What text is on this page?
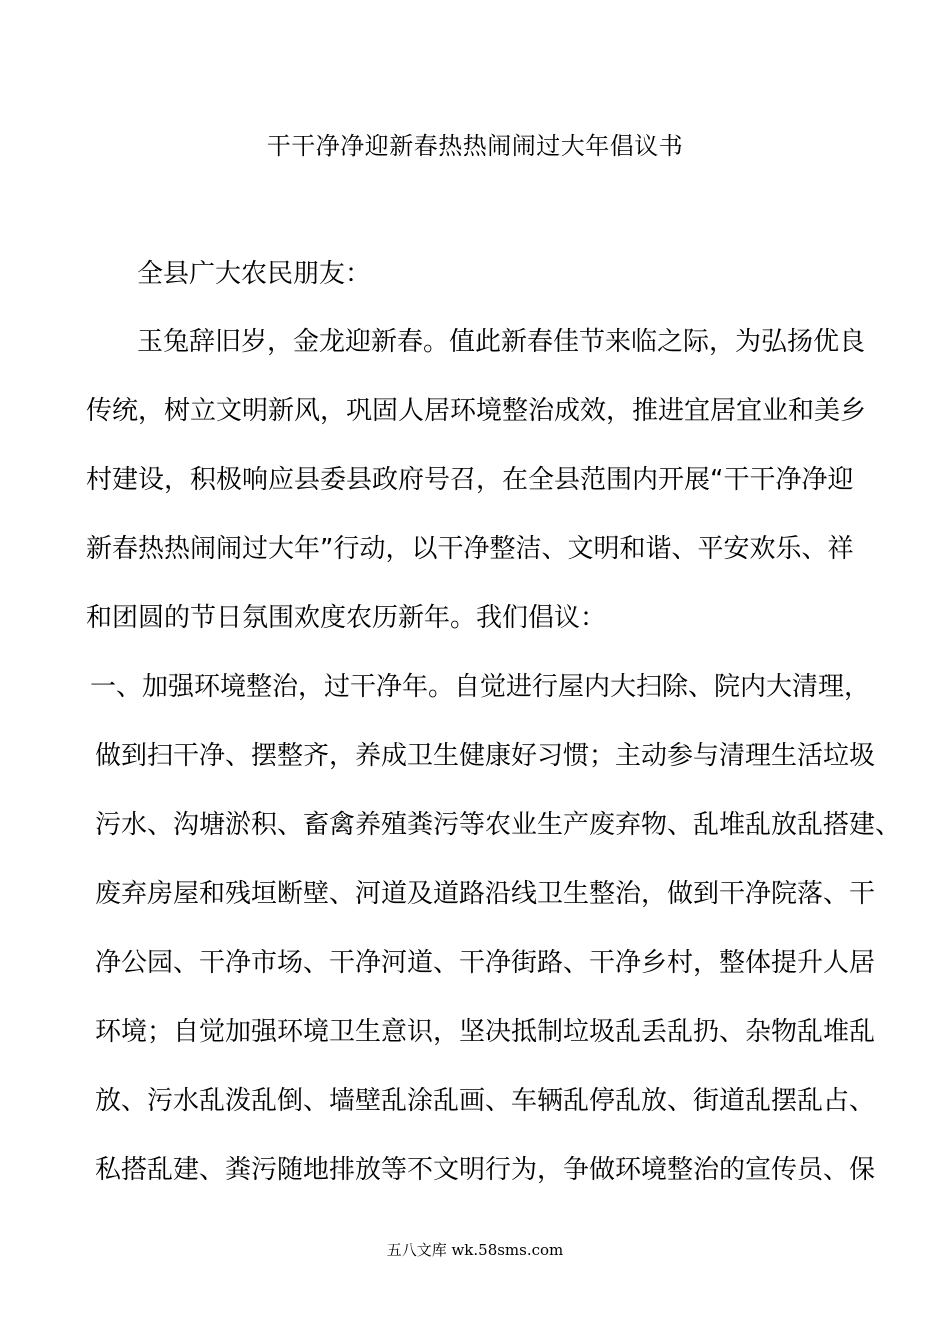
干干净净迎新春热热闹闹过大年倡议书
全县广大农民朋友：
玉兔辞旧岁，金龙迎新春。值此新春佳节来临之际，为弘扬优良
传统，树立文明新风，巩固人居环境整治成效，推进宜居宜业和美乡
村建设，积极响应县委县政府号召，在全县范围内开展“干干净净迎
新春热热闹闹过大年”行动，以干净整洁、文明和谐、平安欢乐、祥
和团圆的节日氛围欢度农历新年。我们倡议：
一、加强环境整治，过干净年。自觉进行屋内大扫除、院内大清理，
做到扫干净、摆整齐，养成卫生健康好习惯；主动参与清理生活垃圾
污水、沟塘淤积、畜禽养殖粪污等农业生产废弃物、乱堆乱放乱搭建、
废弃房屋和残垣断壁、河道及道路沿线卫生整治，做到干净院落、干
净公园、干净市场、干净河道、干净街路、干净乡村，整体提升人居
环境；自觉加强环境卫生意识，坚决抵制垃圾乱丢乱扔、杂物乱堆乱
放、污水乱泼乱倒、墙壁乱涂乱画、车辆乱停乱放、街道乱摆乱占、
私搭乱建、粪污随地排放等不文明行为，争做环境整治的宣传员、保
五八文库 wk.58sms.com
